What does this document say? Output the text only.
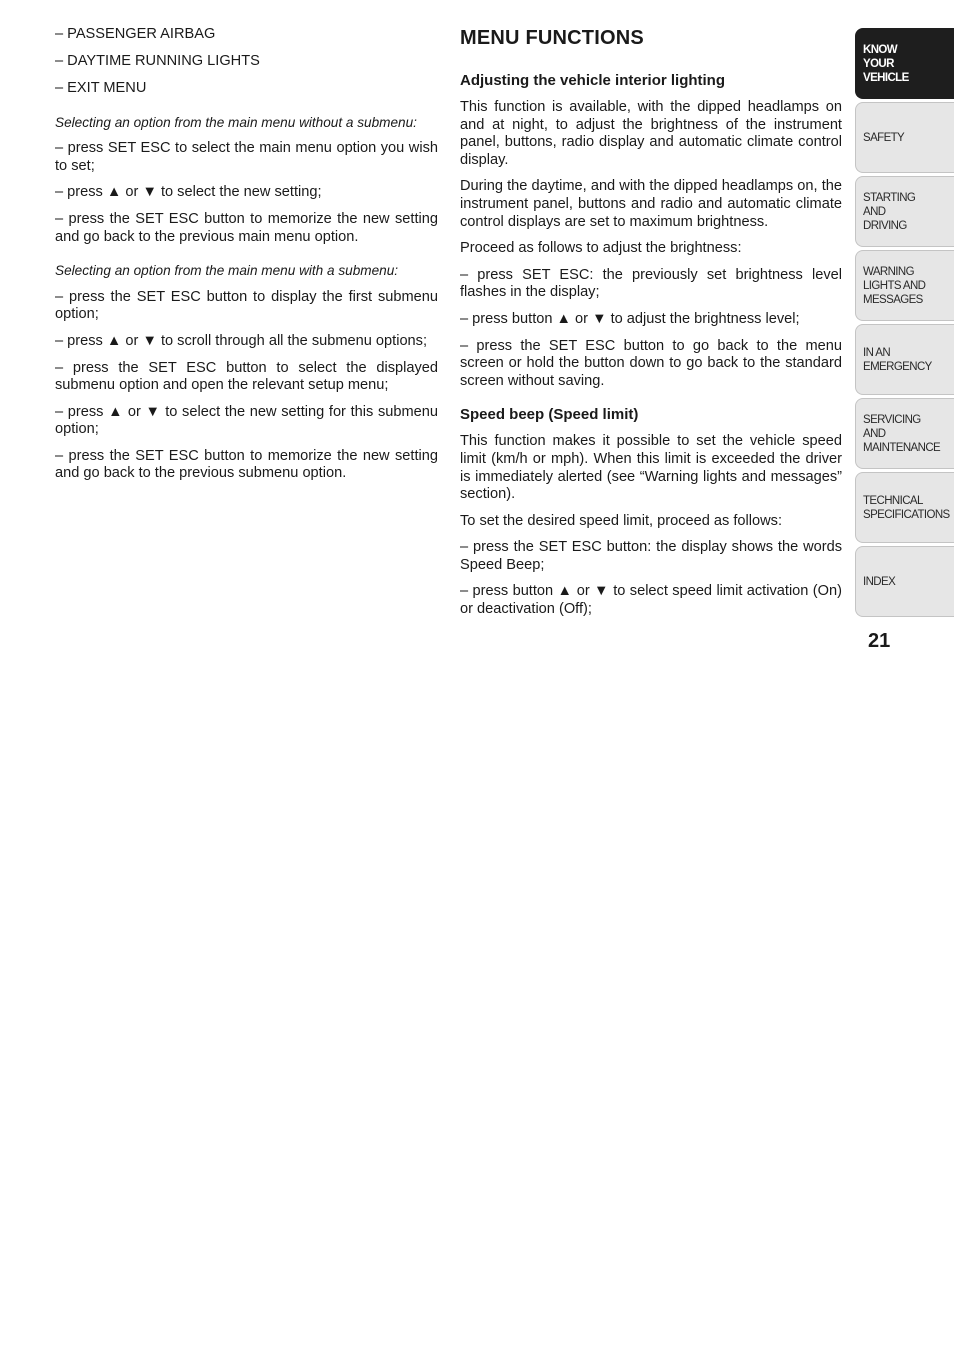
– PASSENGER AIRBAG

– DAYTIME RUNNING LIGHTS

– EXIT MENU

Selecting an option from the main menu without a submenu:

– press SET ESC to select the main menu option you wish to set;

– press ▲ or ▼ to select the new setting;

– press the SET ESC button to memorize the new setting and go back to the previous main menu option.

Selecting an option from the main menu with a submenu:

– press the SET ESC button to display the first submenu option;

– press ▲ or ▼ to scroll through all the submenu options;

– press the SET ESC button to select the displayed submenu option and open the relevant setup menu;

– press ▲ or ▼ to select the new setting for this submenu option;

– press the SET ESC button to memorize the new setting and go back to the previous submenu option.

MENU FUNCTIONS
Adjusting the vehicle interior lighting

This function is available, with the dipped headlamps on and at night, to adjust the brightness of the instrument panel, buttons, radio display and automatic climate control display.

During the daytime, and with the dipped headlamps on, the instrument panel, buttons and radio and automatic climate control displays are set to maximum brightness.

Proceed as follows to adjust the brightness:

– press SET ESC: the previously set brightness level flashes in the display;

– press button ▲ or ▼ to adjust the brightness level;

– press the SET ESC button to go back to the menu screen or hold the button down to go back to the standard screen without saving.

Speed beep (Speed limit)

This function makes it possible to set the vehicle speed limit (km/h or mph). When this limit is exceeded the driver is immediately alerted (see “Warning lights and messages” section).

To set the desired speed limit, proceed as follows:

– press the SET ESC button: the display shows the words Speed Beep;

– press button ▲ or ▼ to select speed limit activation (On) or deactivation (Off);

KNOW
YOUR
VEHICLE
SAFETY
STARTING
AND
DRIVING
WARNING
LIGHTS AND
MESSAGES
IN AN
EMERGENCY
SERVICING
AND
MAINTENANCE
TECHNICAL
SPECIFICATIONS
INDEX
21
